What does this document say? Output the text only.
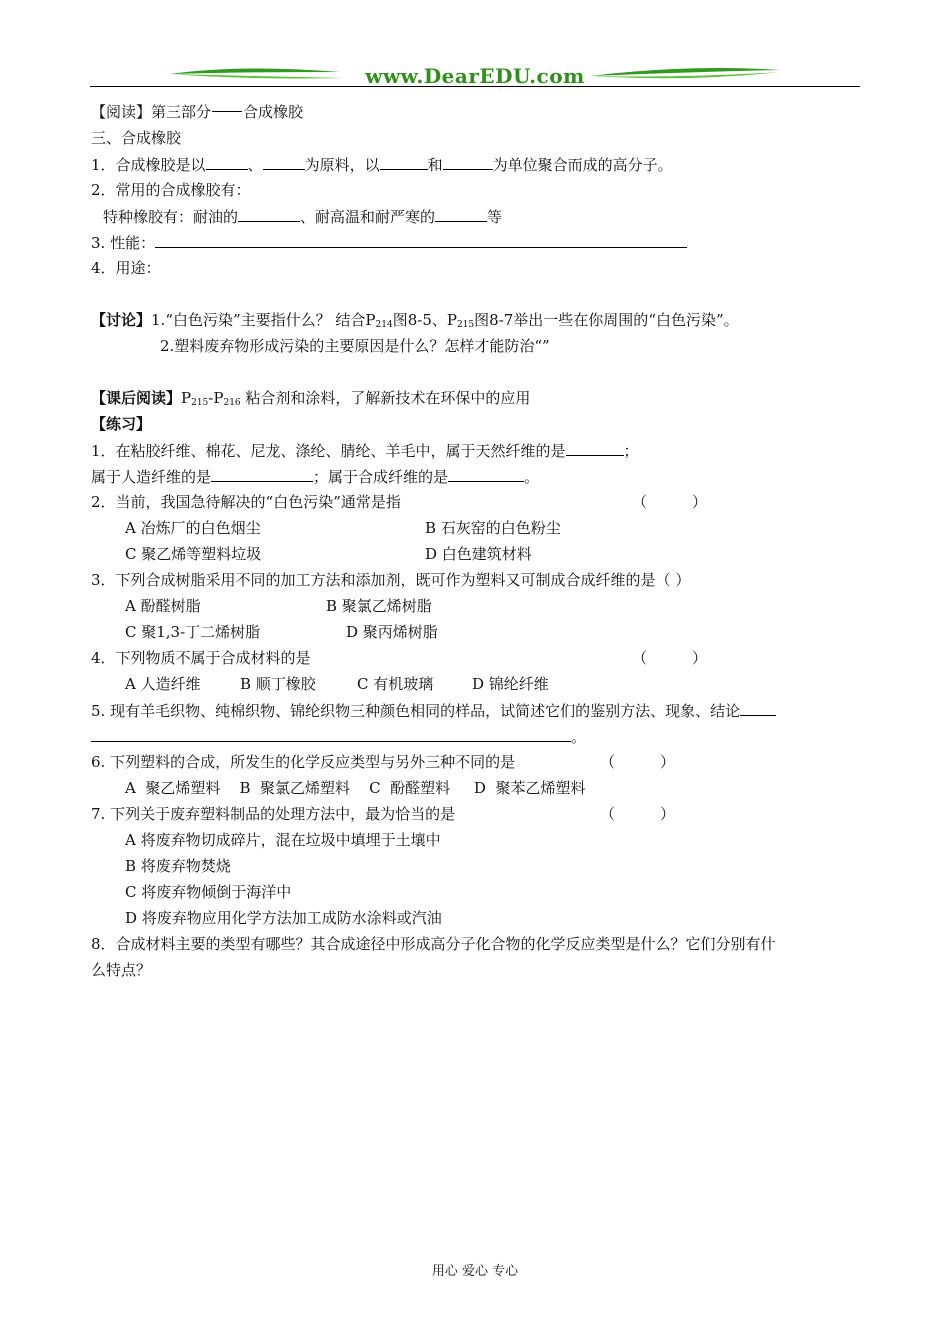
www.DearEDU.com
【阅读】第三部分 合成橡胶
三、合成橡胶
1．合成橡胶是以	、	为原料，以	和	为单位聚合而成的高分子。
2．常用的合成橡胶有：
特种橡胶有：耐油的	、耐高温和耐严寒的	等
3. 性能：
4．用途：
【讨论】1.“白色污染”主要指什么？ 结合$P_{214}$图8-5、$P_{215}$图8-7举出一些在你周围的“白色污染”。
2.塑料废弃物形成污染的主要原因是什么？怎样才能防治“”
【课后阅读】$P_{215}-P_{216}$ 粘合剂和涂料，了解新技术在环保中的应用
【练习】
1．在粘胶纤维、棉花、尼龙、涤纶、腈纶、羊毛中，属于天然纤维的是	；
属于人造纤维的是	；属于合成纤维的是	。
2．当前，我国急待解决的“白色污染”通常是指	（　　　）
A 冶炼厂的白色烟尘	B 石灰窑的白色粉尘
C 聚乙烯等塑料垃圾	D 白色建筑材料
3．下列合成树脂采用不同的加工方法和添加剂，既可作为塑料又可制成合成纤维的是（ ）
A 酚醛树脂	B 聚氯乙烯树脂
C 聚1,3-丁二烯树脂	D 聚丙烯树脂
4．下列物质不属于合成材料的是	（　　　）
A 人造纤维	B 顺丁橡胶	C 有机玻璃	D 锦纶纤维
5. 现有羊毛织物、纯棉织物、锦纶织物三种颜色相同的样品，试简述它们的鉴别方法、现象、结论
。
6. 下列塑料的合成，所发生的化学反应类型与另外三种不同的是	（　　　）
A  聚乙烯塑料    B  聚氯乙烯塑料    C  酚醛塑料     D  聚苯乙烯塑料
7. 下列关于废弃塑料制品的处理方法中，最为恰当的是	（　　　）
A 将废弃物切成碎片，混在垃圾中填埋于土壤中
B 将废弃物焚烧
C 将废弃物倾倒于海洋中
D 将废弃物应用化学方法加工成防水涂料或汽油
8．合成材料主要的类型有哪些？其合成途径中形成高分子化合物的化学反应类型是什么？它们分别有什
么特点？
用心 爱心 专心
